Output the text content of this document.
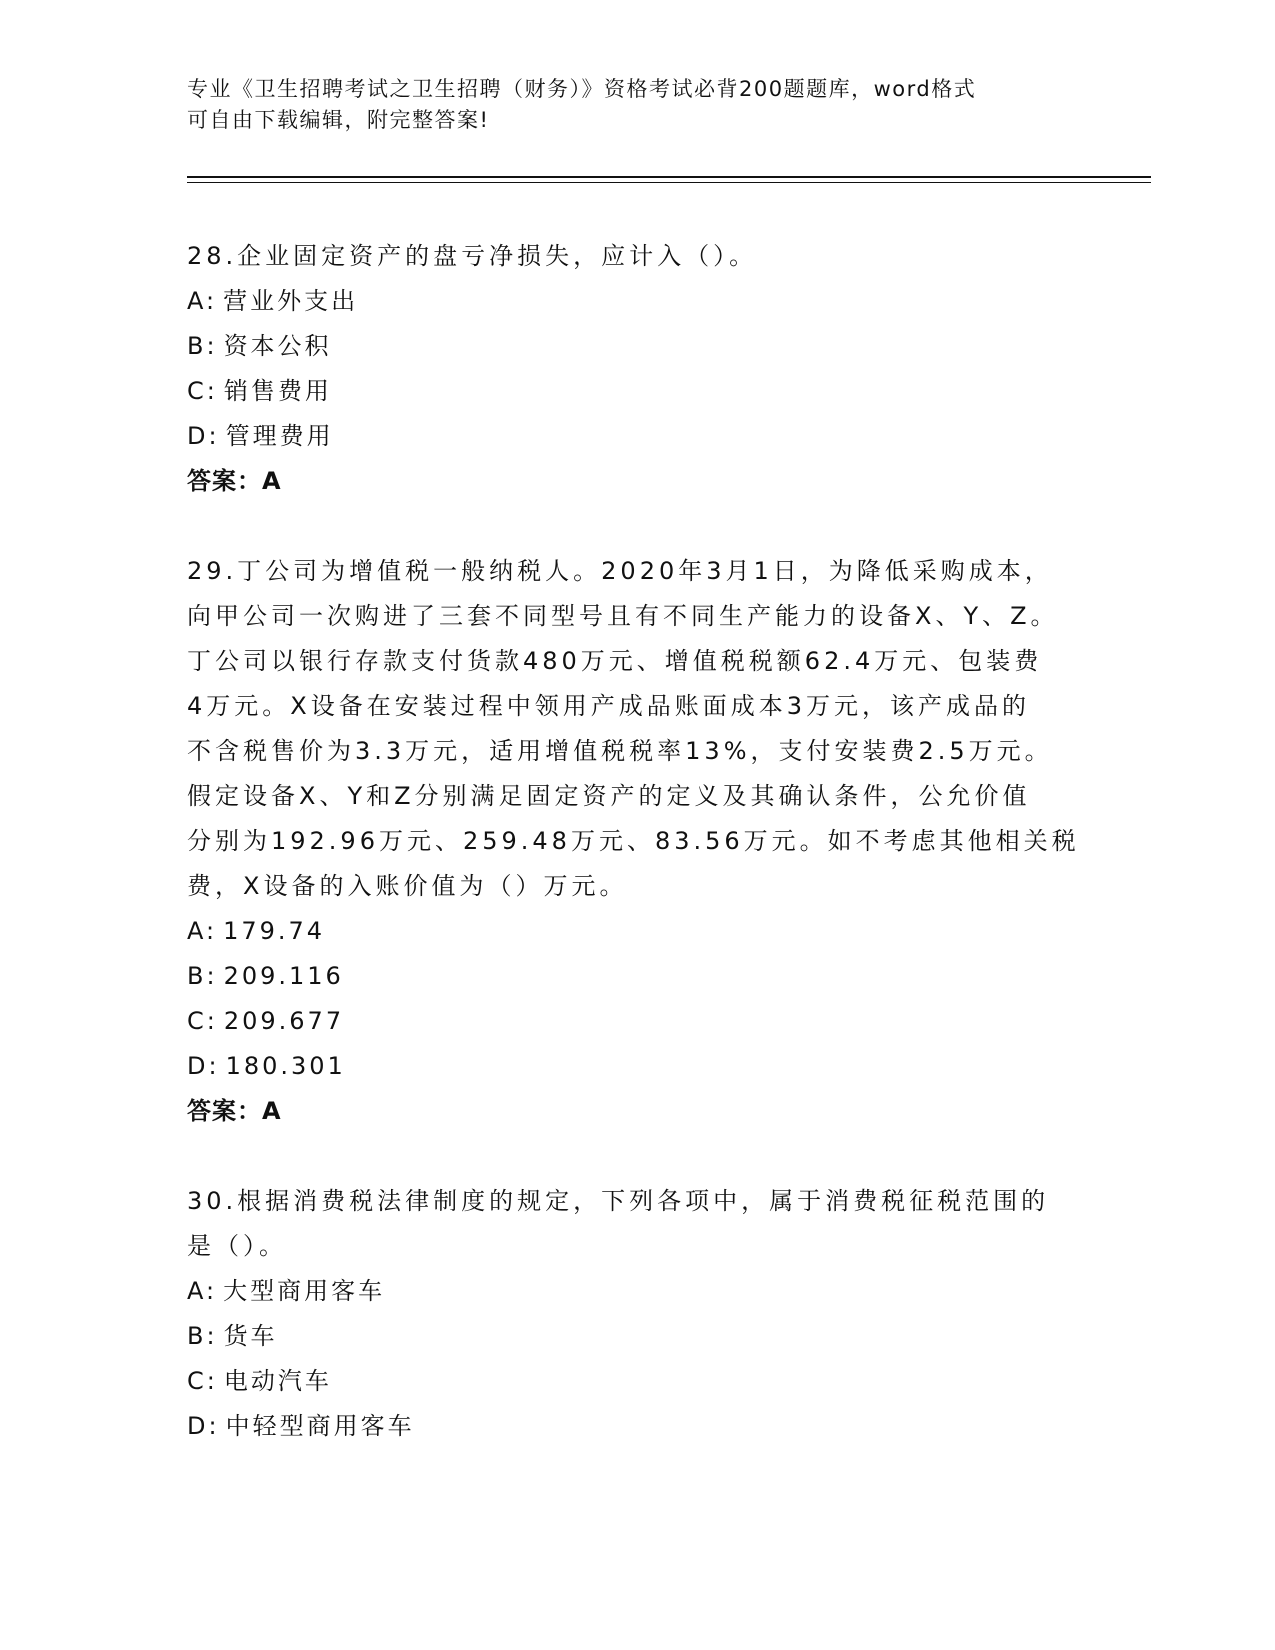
专业《卫生招聘考试之卫生招聘（财务）》资格考试必背200题题库，word格式
可自由下载编辑，附完整答案!
28.企业固定资产的盘亏净损失，应计入（）。
A: 营业外支出
B: 资本公积
C: 销售费用
D: 管理费用
答案：A
29.丁公司为增值税一般纳税人。2020年3月1日，为降低采购成本，
向甲公司一次购进了三套不同型号且有不同生产能力的设备X、Y、Z。
丁公司以银行存款支付货款480万元、增值税税额62.4万元、包装费
4万元。X设备在安装过程中领用产成品账面成本3万元，该产成品的
不含税售价为3.3万元，适用增值税税率13%，支付安装费2.5万元。
假定设备X、Y和Z分别满足固定资产的定义及其确认条件，公允价值
分别为192.96万元、259.48万元、83.56万元。如不考虑其他相关税
费，X设备的入账价值为（）万元。
A: 179.74
B: 209.116
C: 209.677
D: 180.301
答案：A
30.根据消费税法律制度的规定，下列各项中，属于消费税征税范围的
是（）。
A: 大型商用客车
B: 货车
C: 电动汽车
D: 中轻型商用客车
